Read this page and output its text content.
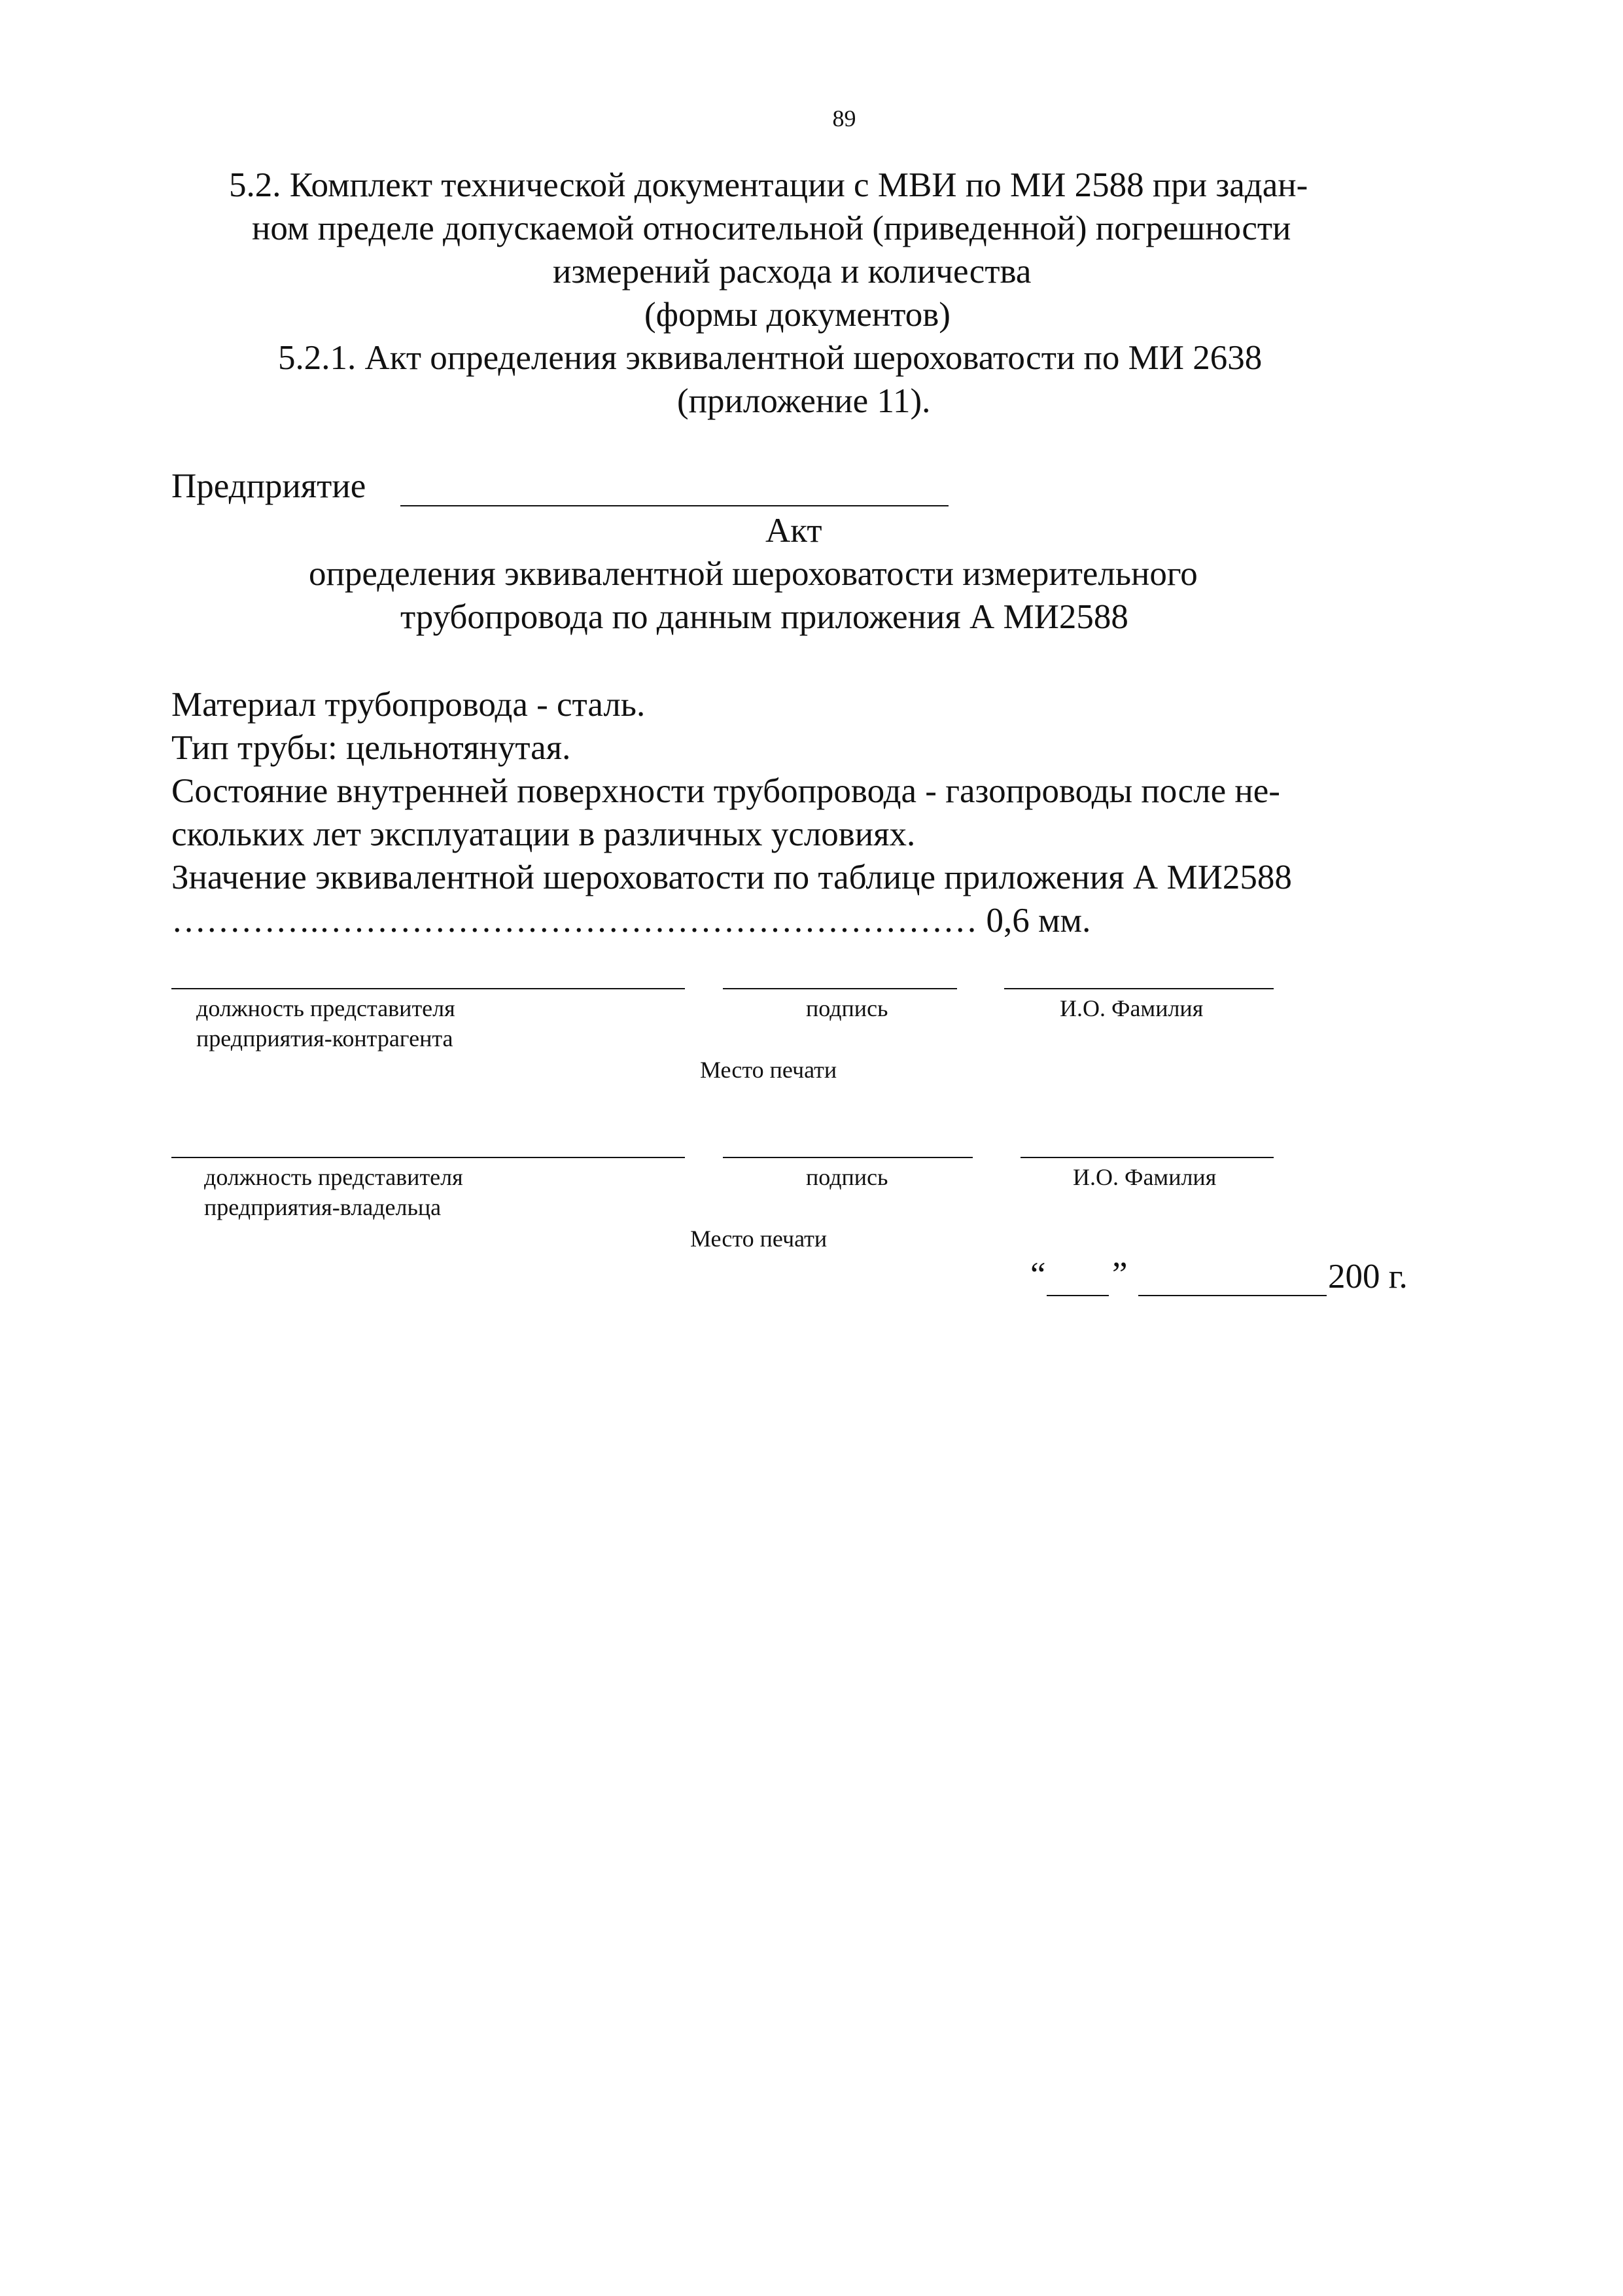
89
5.2. Комплект технической документации с МВИ по МИ 2588 при задан-
ном пределе допускаемой относительной (приведенной) погрешности
измерений расхода и количества
(формы документов)
5.2.1. Акт определения эквивалентной шероховатости по МИ 2638
(приложение 11).
Предприятие
Акт
определения эквивалентной шероховатости измерительного
трубопровода по данным приложения А МИ2588
Материал трубопровода - сталь.
Тип трубы: цельнотянутая.
Состояние внутренней поверхности трубопровода - газопроводы после не-
скольких лет эксплуатации в различных условиях.
Значение эквивалентной шероховатости по таблице приложения А МИ2588
………….………………………………………………… 0,6 мм.
должность представителя
предприятия-контрагента
подпись	И.О. Фамилия
Место печати
должность представителя
предприятия-владельца
подпись	И.О. Фамилия
Место печати
“ ”	200 г.
